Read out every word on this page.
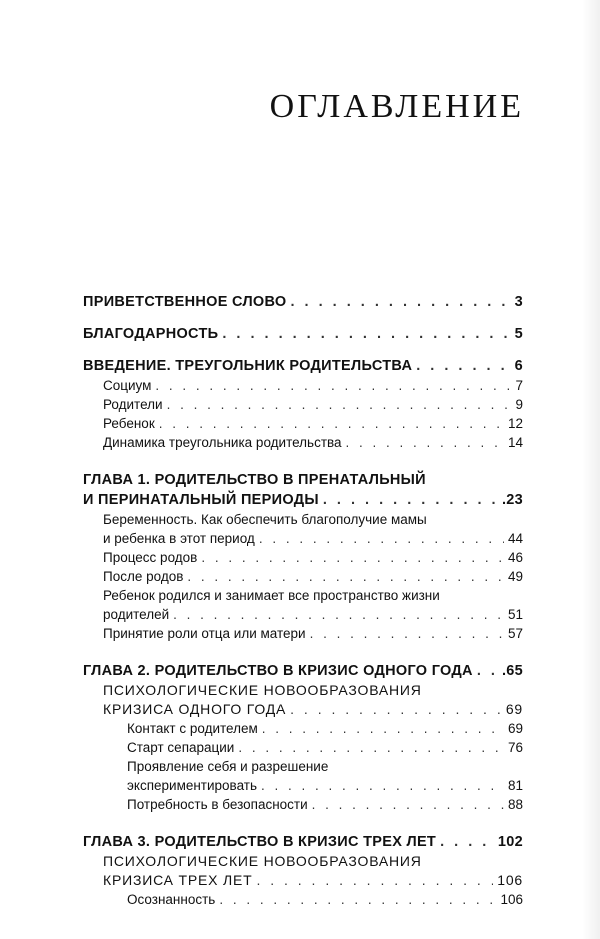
ОГЛАВЛЕНИЕ
ПРИВЕТСТВЕННОЕ СЛОВО . . .	3
БЛАГОДАРНОСТЬ . . .	5
ВВЕДЕНИЕ. ТРЕУГОЛЬНИК РОДИТЕЛЬСТВА . . .	6
Социум . . .	7
Родители . . .	9
Ребенок . . .	12
Динамика треугольника родительства . . .	14
ГЛАВА 1. РОДИТЕЛЬСТВО В ПРЕНАТАЛЬНЫЙ
И ПЕРИНАТАЛЬНЫЙ ПЕРИОДЫ . . .	.23
Беременность. Как обеспечить благополучие мамы
и ребенка в этот период . . .	44
Процесс родов . . .	46
После родов . . .	49
Ребенок родился и занимает все пространство жизни
родителей . . .	51
Принятие роли отца или матери . . .	57
ГЛАВА 2. РОДИТЕЛЬСТВО В КРИЗИС ОДНОГО ГОДА . . . .65
ПСИХОЛОГИЧЕСКИЕ НОВООБРАЗОВАНИЯ
КРИЗИСА ОДНОГО ГОДА . . .	69
Контакт с родителем . . .	69
Старт сепарации . . .	76
Проявление себя и разрешение
экспериментировать . . .	81
Потребность в безопасности . . .	88
ГЛАВА 3. РОДИТЕЛЬСТВО В КРИЗИС ТРЕХ ЛЕТ . . .	102
ПСИХОЛОГИЧЕСКИЕ НОВООБРАЗОВАНИЯ
КРИЗИСА ТРЕХ ЛЕТ . . .	106
Осознанность . . .	106
